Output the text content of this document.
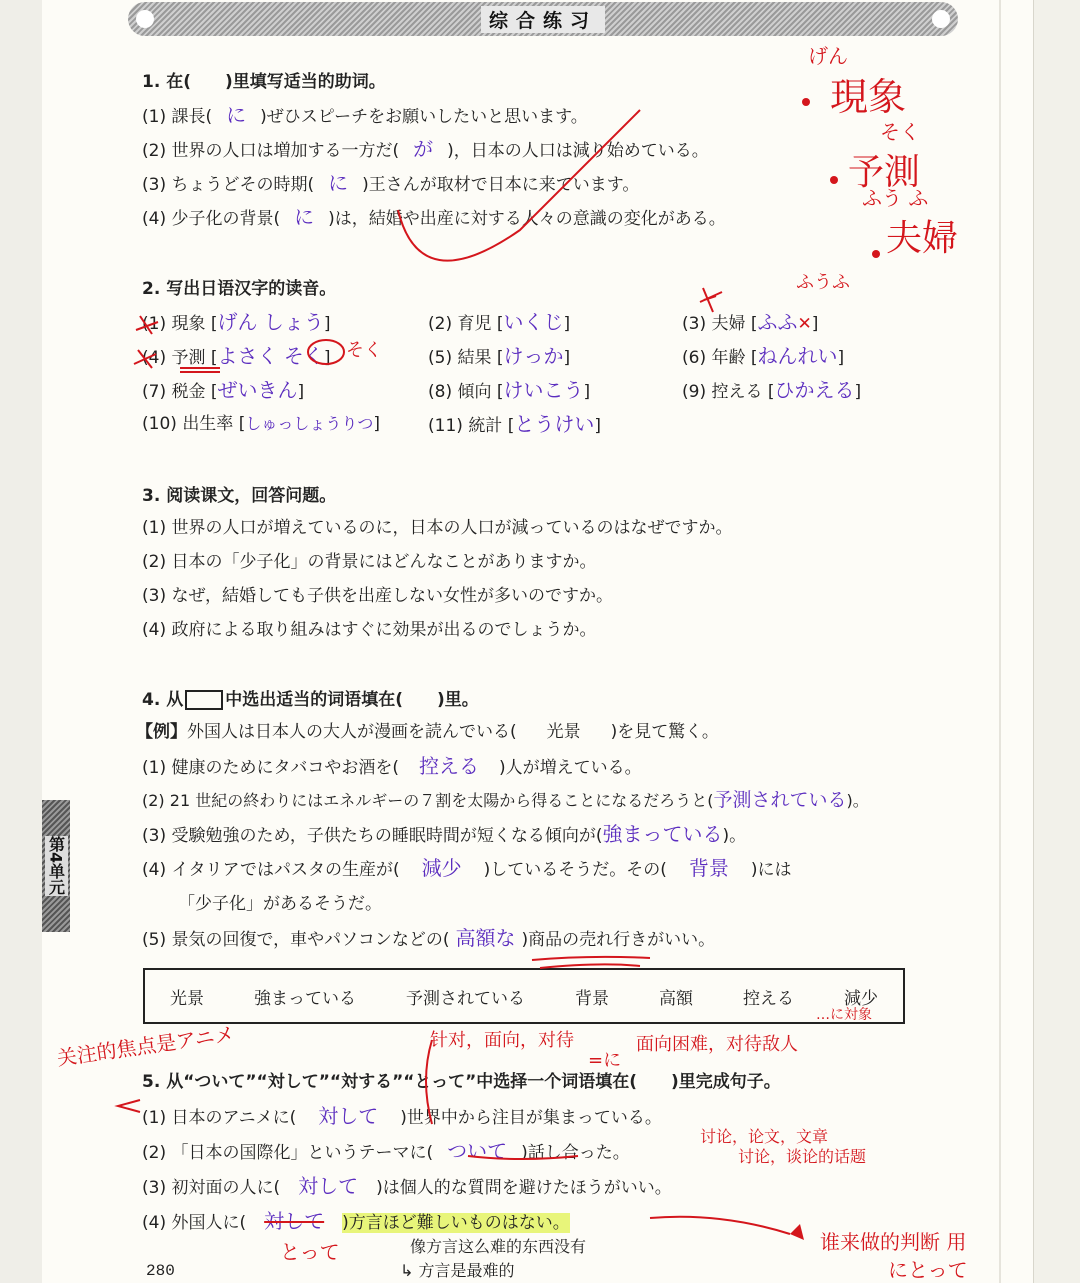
综合练习
第4单元
1. 在(　　)里填写适当的助词。
(1) 課長( に )ぜひスピーチをお願いしたいと思います。
(2) 世界の人口は増加する一方だ( が )，日本の人口は減り始めている。
(3) ちょうどその時期( に )王さんが取材で日本に来ています。
(4) 少子化の背景( に )は，結婚や出産に対する人々の意識の変化がある。
2. 写出日语汉字的读音。
(1) 現象 [げん しょう]	(2) 育児 [いくじ]	(3) 夫婦 [ふふ✕]
(4) 予測 [よさく そく]	(5) 結果 [けっか]	(6) 年齢 [ねんれい]
(7) 税金 [ぜいきん]	(8) 傾向 [けいこう]	(9) 控える [ひかえる]
(10) 出生率 [しゅっしょうりつ]	(11) 統計 [とうけい]
3. 阅读课文，回答问题。
(1) 世界の人口が増えているのに，日本の人口が減っているのはなぜですか。
(2) 日本の「少子化」の背景にはどんなことがありますか。
(3) なぜ，結婚しても子供を出産しない女性が多いのですか。
(4) 政府による取り組みはすぐに効果が出るのでしょうか。
4. 从 中选出适当的词语填在(　　)里。
【例】外国人は日本人の大人が漫画を読んでいる( 光景 )を見て驚く。
(1) 健康のためにタバコやお酒を( 控える )人が増えている。
(2) 21 世紀の終わりにはエネルギーの７割を太陽から得ることになるだろうと(予測されている)。
(3) 受験勉強のため，子供たちの睡眠時間が短くなる傾向が(強まっている)。
(4) イタリアではパスタの生産が( 減少 )しているそうだ。その( 背景 )には
「少子化」があるそうだ。
(5) 景気の回復で，車やパソコンなどの( 高額な )商品の売れ行きがいい。
光景	強まっている	予測されている	背景	高額	控える	減少
5. 从“ついて”“対して”“対する”“とって”中选择一个词语填在(　　)里完成句子。
(1) 日本のアニメに( 対して )世界中から注目が集まっている。
(2) 「日本の国際化」というテーマに( ついて )話し合った。
(3) 初対面の人に( 対して )は個人的な質問を避けたほうがいい。
(4) 外国人に( 対して )方言ほど難しいものはない。
280
げん
現象
そく
予測
ふう ふ
夫婦
ふうふ
そく
…に対象
关注的焦点是アニメ	针对，面向，对待
=に
面向困难，对待敌人
讨论，论文，文章
讨论，谈论的话题
とって	像方言这么难的东西没有
↳ 方言是最难的
谁来做的判断 用
にとって
